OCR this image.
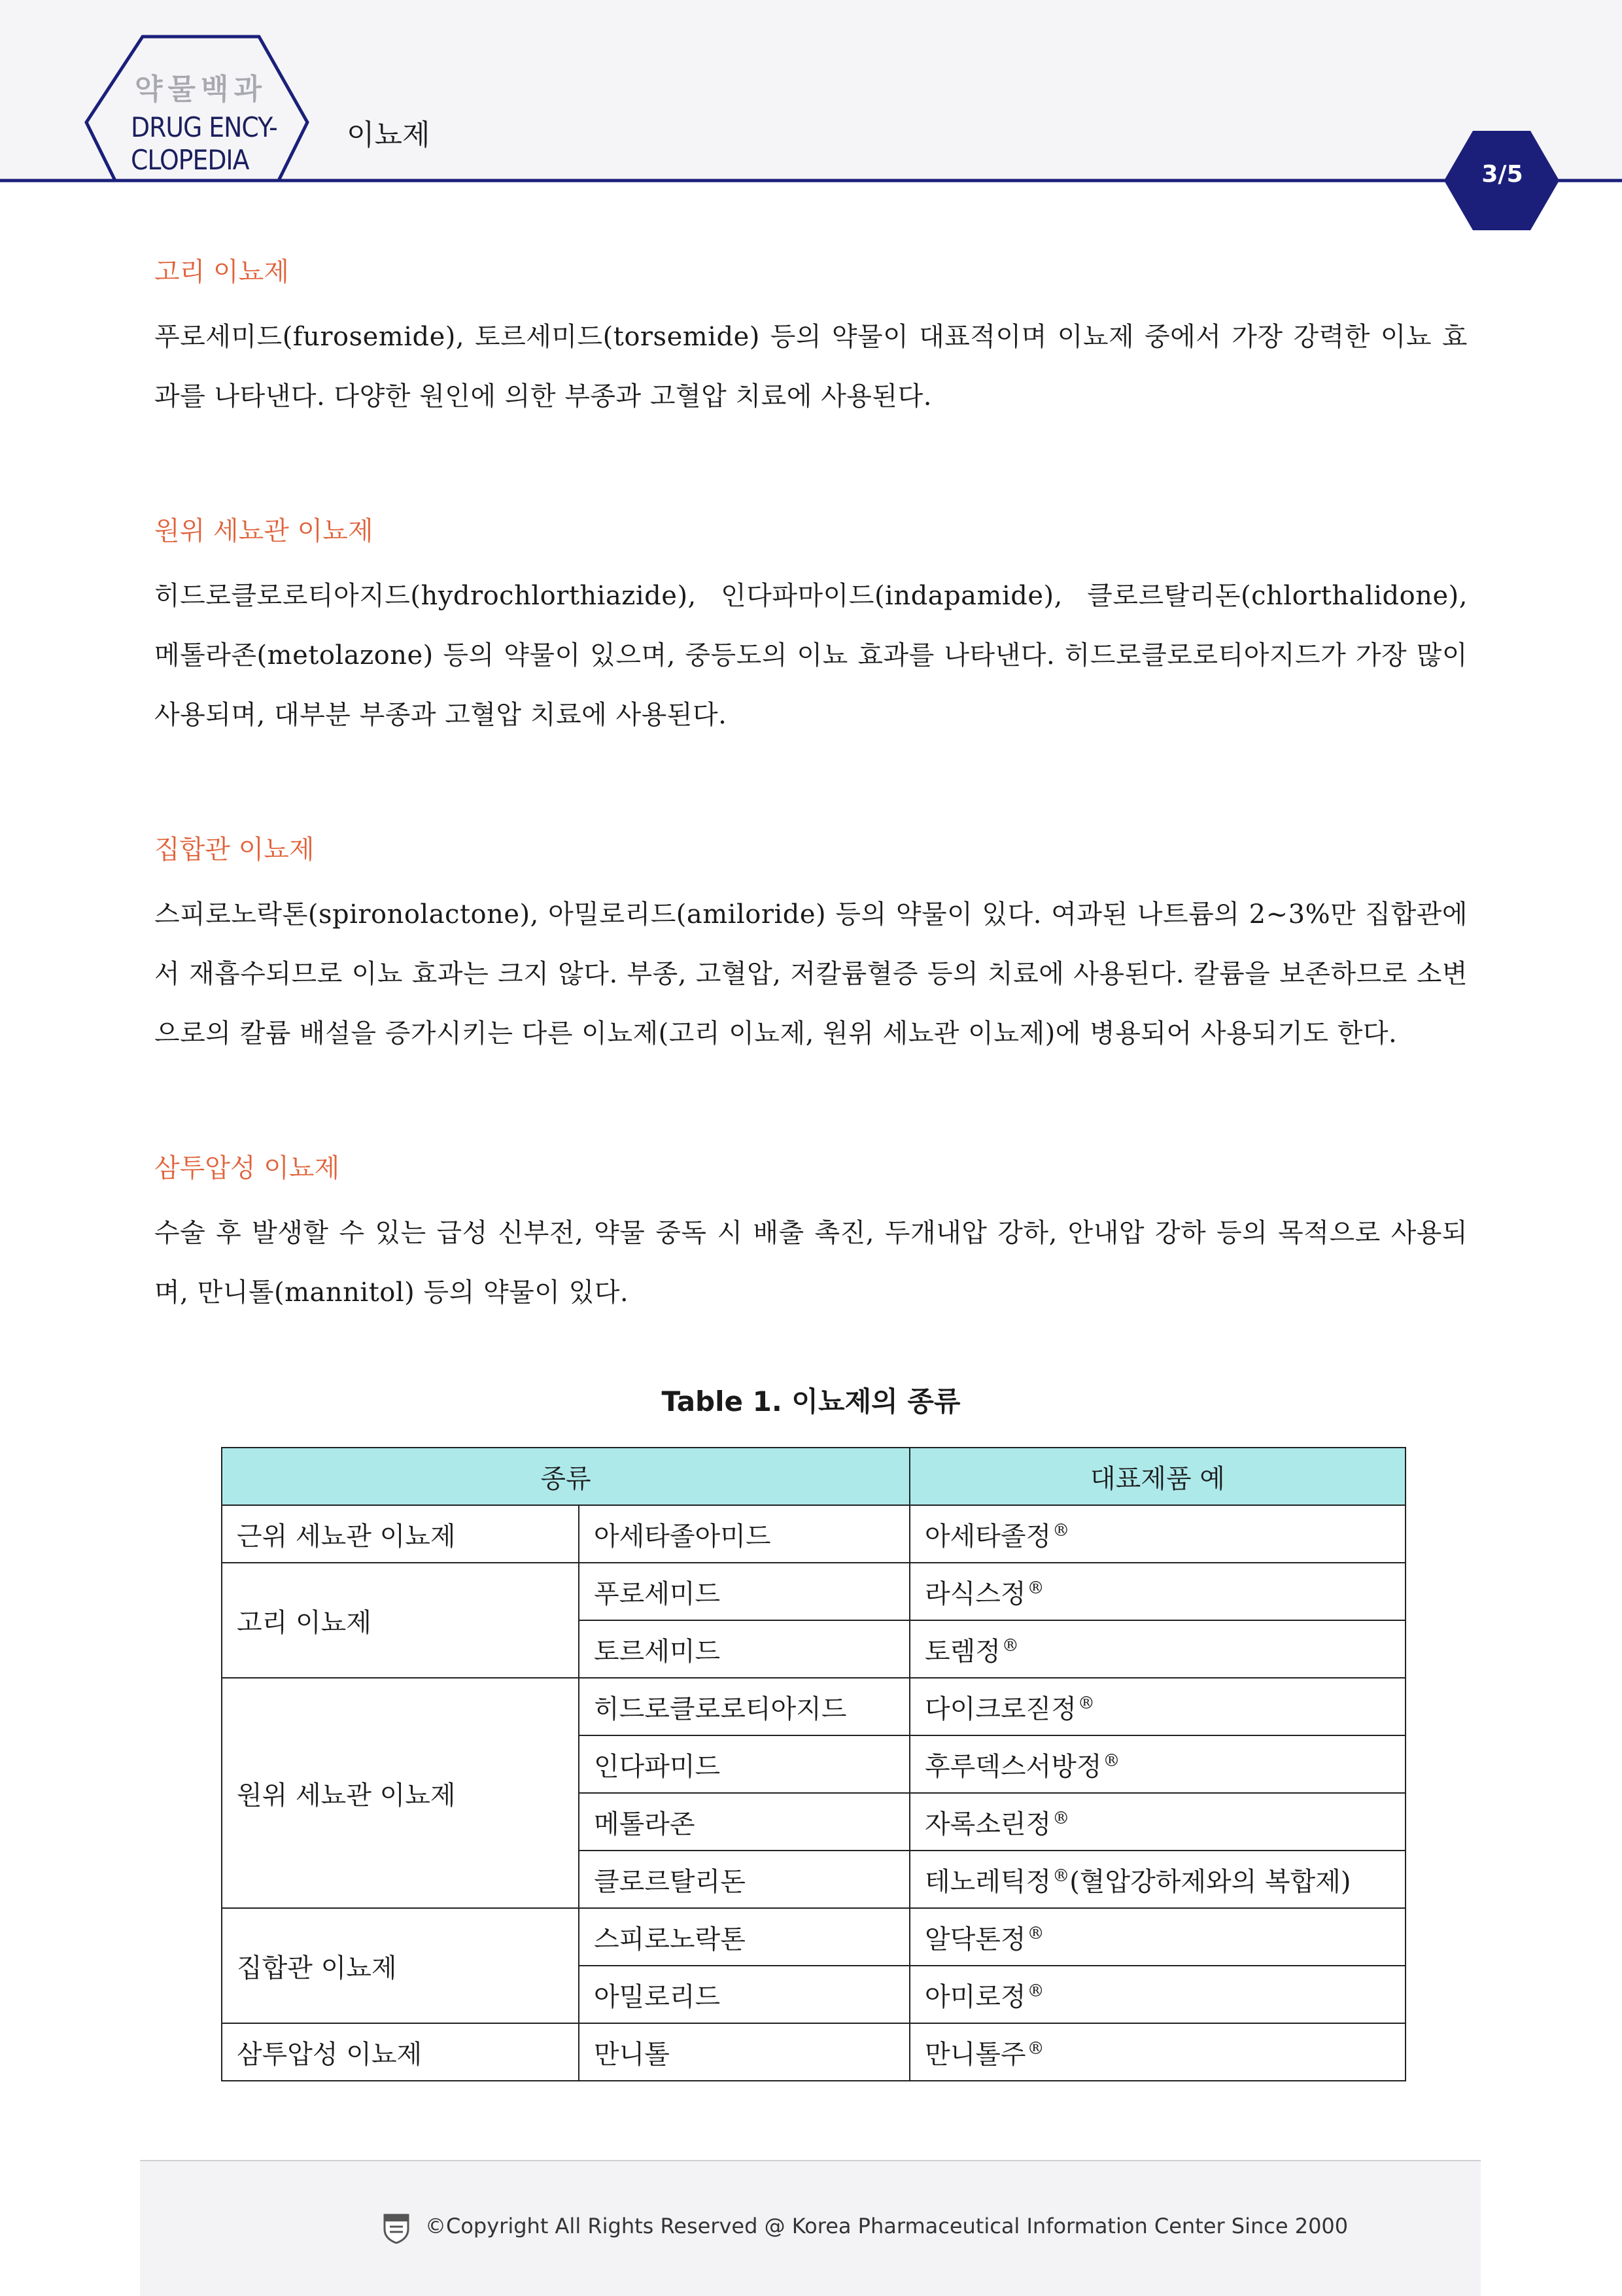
약물백과
DRUG ENCY-
CLOPEDIA
이뇨제
3/5
고리 이뇨제

푸로세미드(furosemide), 토르세미드(torsemide) 등의 약물이 대표적이며 이뇨제 중에서 가장 강력한 이뇨 효과를 나타낸다. 다양한 원인에 의한 부종과 고혈압 치료에 사용된다.

원위 세뇨관 이뇨제

히드로클로로티아지드(hydrochlorthiazide), 인다파마이드(indapamide), 클로르탈리돈(chlorthalidone), 메톨라존(metolazone) 등의 약물이 있으며, 중등도의 이뇨 효과를 나타낸다. 히드로클로로티아지드가 가장 많이 사용되며, 대부분 부종과 고혈압 치료에 사용된다.

집합관 이뇨제

스피로노락톤(spironolactone), 아밀로리드(amiloride) 등의 약물이 있다. 여과된 나트륨의 2~3%만 집합관에서 재흡수되므로 이뇨 효과는 크지 않다. 부종, 고혈압, 저칼륨혈증 등의 치료에 사용된다. 칼륨을 보존하므로 소변으로의 칼륨 배설을 증가시키는 다른 이뇨제(고리 이뇨제, 원위 세뇨관 이뇨제)에 병용되어 사용되기도 한다.

삼투압성 이뇨제

수술 후 발생할 수 있는 급성 신부전, 약물 중독 시 배출 촉진, 두개내압 강하, 안내압 강하 등의 목적으로 사용되며, 만니톨(mannitol) 등의 약물이 있다.

Table 1. 이뇨제의 종류
종류		대표제품 예
근위 세뇨관 이뇨제	아세타졸아미드	아세타졸정®
고리 이뇨제	푸로세미드	라식스정®
	토르세미드	토렘정®
원위 세뇨관 이뇨제	히드로클로로티아지드	다이크로짇정®
	인다파미드	후루덱스서방정®
	메톨라존	자록소린정®
	클로르탈리돈	테노레틱정®(혈압강하제와의 복합제)
집합관 이뇨제	스피로노락톤	알닥톤정®
	아밀로리드	아미로정®
삼투압성 이뇨제	만니톨	만니톨주®
©Copyright All Rights Reserved @ Korea Pharmaceutical Information Center Since 2000
